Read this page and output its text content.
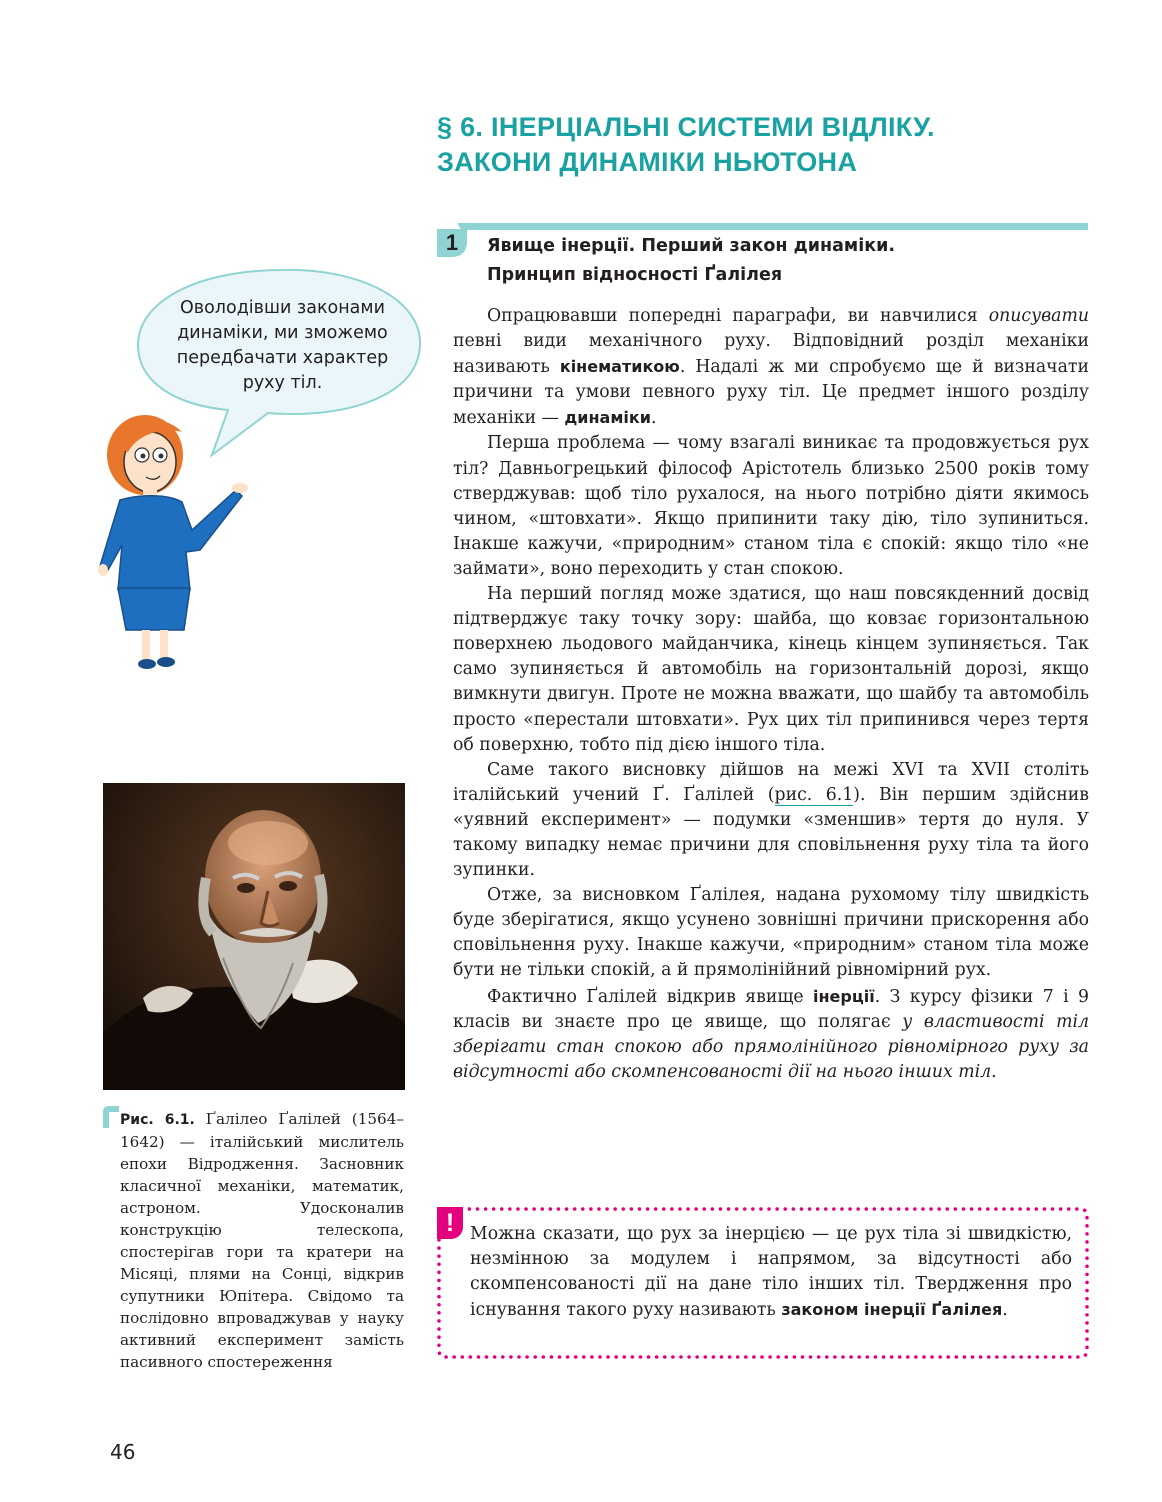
§ 6. ІНЕРЦІАЛЬНІ СИСТЕМИ ВІДЛІКУ.
ЗАКОНИ ДИНАМІКИ НЬЮТОНА
1	Явище інерції. Перший закон динаміки.
Принцип відносності Ґалілея
Оволодівши законами
динаміки, ми зможемо
передбачати характер
руху тіл.

Опрацювавши попередні параграфи, ви навчилися описувати певні види механічного руху. Відповідний розділ механіки називають кінематикою. Надалі ж ми спробуємо ще й визначати причини та умови певного руху тіл. Це предмет іншого розділу механіки — динаміки.

Перша проблема — чому взагалі виникає та продовжується рух тіл? Давньогрецький філософ Арістотель близько 2500 років тому стверджував: щоб тіло рухалося, на нього потрібно діяти якимось чином, «штовхати». Якщо припинити таку дію, тіло зупиниться. Інакше кажучи, «природним» станом тіла є спокій: якщо тіло «не займати», воно переходить у стан спокою.

На перший погляд може здатися, що наш повсякденний досвід підтверджує таку точку зору: шайба, що ковзає горизонтальною поверхнею льодового майданчика, кінець кінцем зупиняється. Так само зупиняється й автомобіль на горизонтальній дорозі, якщо вимкнути двигун. Проте не можна вважати, що шайбу та автомобіль просто «перестали штовхати». Рух цих тіл припинився через тертя об поверхню, тобто під дією іншого тіла.

Саме такого висновку дійшов на межі XVI та XVII століть італійський учений Ґ. Ґалілей (рис. 6.1). Він першим здійснив «уявний експеримент» — подумки «зменшив» тертя до нуля. У такому випадку немає причини для сповільнення руху тіла та його зупинки.

Отже, за висновком Ґалілея, надана рухомому тілу швидкість буде зберігатися, якщо усунено зовнішні причини прискорення або сповільнення руху. Інакше кажучи, «природним» станом тіла може бути не тільки спокій, а й прямолінійний рівномірний рух.

Фактично Ґалілей відкрив явище інерції. З курсу фізики 7 і 9 класів ви знаєте про це явище, що полягає у властивості тіл зберігати стан спокою або прямолінійного рівномірного руху за відсутності або скомпенсованості дії на нього інших тіл.

Рис. 6.1. Ґалілео Ґалілей (1564–1642) — італійський мислитель епохи Відродження. Засновник класичної механіки, математик, астроном. Удосконалив конструкцію телескопа, спостерігав гори та кратери на Місяці, плями на Сонці, відкрив супутники Юпітера. Свідомо та послідовно впроваджував у науку активний експеримент замість пасивного спостереження
! Можна сказати, що рух за інерцією — це рух тіла зі швидкістю, незмінною за модулем і напрямом, за відсутності або скомпенсованості дії на дане тіло інших тіл. Твердження про існування такого руху називають законом інерції Ґалілея.
46
